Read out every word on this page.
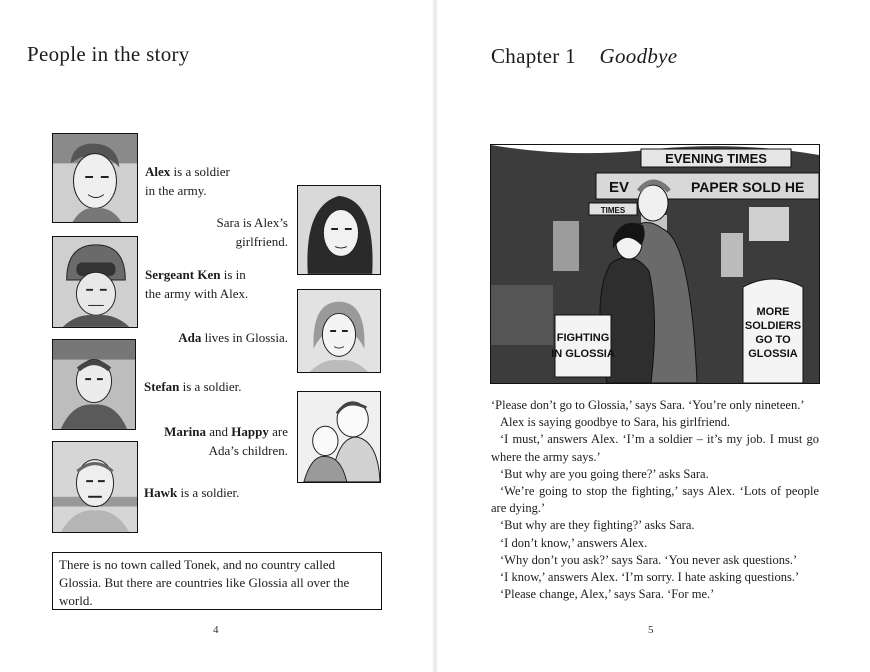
People in the story
Alex is a soldier
in the army.
Sara is Alex’s
girlfriend.
Sergeant Ken is in
the army with Alex.
Ada lives in Glossia.
Stefan is a soldier.
Marina and Happy are
Ada’s children.
Hawk is a soldier.
There is no town called Tonek, and no country called Glossia. But there are countries like Glossia all over the world.
4
Chapter 1 Goodbye
EVENING TIMES
EV	PAPER SOLD HE
TIMES
FIGHTING
IN GLOSSIA
MORE
SOLDIERS
GO TO
GLOSSIA

‘Please don’t go to Glossia,’ says Sara. ‘You’re only nineteen.’

Alex is saying goodbye to Sara, his girlfriend.

‘I must,’ answers Alex. ‘I’m a soldier – it’s my job. I must go where the army says.’

‘But why are you going there?’ asks Sara.

‘We’re going to stop the fighting,’ says Alex. ‘Lots of people are dying.’

‘But why are they fighting?’ asks Sara.

‘I don’t know,’ answers Alex.

‘Why don’t you ask?’ says Sara. ‘You never ask questions.’

‘I know,’ answers Alex. ‘I’m sorry. I hate asking questions.’

‘Please change, Alex,’ says Sara. ‘For me.’

5
